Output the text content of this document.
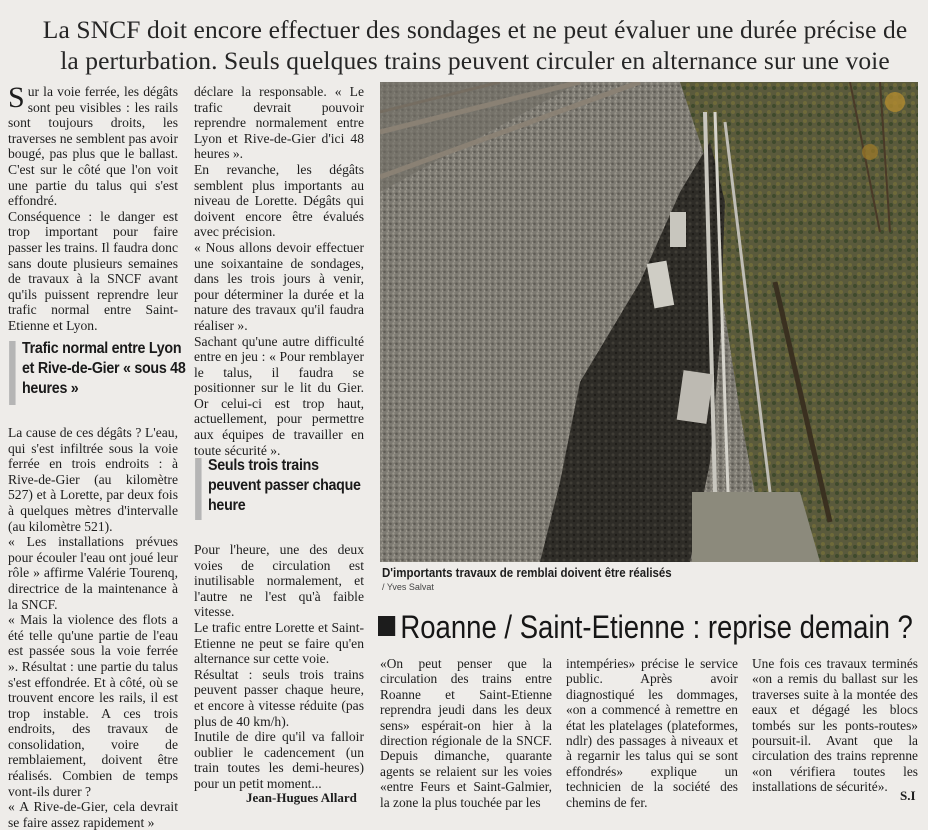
La SNCF doit encore effectuer des sondages et ne peut évaluer une durée précise de la perturbation. Seuls quelques trains peuvent circuler en alternance sur une voie
S ur la voie ferrée, les dégâts sont peu visibles : les rails sont toujours droits, les traverses ne semblent pas avoir bougé, pas plus que le ballast. C'est sur le côté que l'on voit une partie du talus qui s'est effondré.

Conséquence : le danger est trop important pour faire passer les trains. Il faudra donc sans doute plusieurs semaines de travaux à la SNCF avant qu'ils puissent reprendre leur trafic normal entre Saint-Etienne et Lyon.

Trafic normal entre Lyon et Rive-de-Gier « sous 48 heures »

La cause de ces dégâts ? L'eau, qui s'est infiltrée sous la voie ferrée en trois endroits : à Rive-de-Gier (au kilomètre 527) et à Lorette, par deux fois à quelques mètres d'intervalle (au kilomètre 521).

« Les installations prévues pour écouler l'eau ont joué leur rôle » affirme Valérie Tourenq, directrice de la maintenance à la SNCF.

« Mais la violence des flots a été telle qu'une partie de l'eau est passée sous la voie ferrée ». Résultat : une partie du talus s'est effondrée. Et à côté, où se trouvent encore les rails, il est trop instable. A ces trois endroits, des travaux de consolidation, voire de remblaiement, doivent être réalisés. Combien de temps vont-ils durer ?

« A Rive-de-Gier, cela devrait se faire assez rapidement »

déclare la responsable. « Le trafic devrait pouvoir reprendre normalement entre Lyon et Rive-de-Gier d'ici 48 heures ».

En revanche, les dégâts semblent plus importants au niveau de Lorette. Dégâts qui doivent encore être évalués avec précision.

« Nous allons devoir effectuer une soixantaine de sondages, dans les trois jours à venir, pour déterminer la durée et la nature des travaux qu'il faudra réaliser ».

Sachant qu'une autre difficulté entre en jeu : « Pour remblayer le talus, il faudra se positionner sur le lit du Gier. Or celui-ci est trop haut, actuellement, pour permettre aux équipes de travailler en toute sécurité ».

Seuls trois trains peuvent passer chaque heure

Pour l'heure, une des deux voies de circulation est inutilisable normalement, et l'autre ne l'est qu'à faible vitesse.

Le trafic entre Lorette et Saint-Etienne ne peut se faire qu'en alternance sur cette voie.

Résultat : seuls trois trains peuvent passer chaque heure, et encore à vitesse réduite (pas plus de 40 km/h).

Inutile de dire qu'il va falloir oublier le cadencement (un train toutes les demi-heures) pour un petit moment...

Jean-Hugues Allard
D'importants travaux de remblai doivent être réalisés
/ Yves Salvat
Roanne / Saint-Etienne : reprise demain ?
«On peut penser que la circulation des trains entre Roanne et Saint-Etienne reprendra jeudi dans les deux sens» espérait-on hier à la direction régionale de la SNCF. Depuis dimanche, quarante agents se relaient sur les voies «entre Feurs et Saint-Galmier, la zone la plus touchée par les
intempéries» précise le service public. Après avoir diagnostiqué les dommages, «on a commencé à remettre en état les platelages (plateformes, ndlr) des passages à niveaux et à regarnir les talus qui se sont effondrés» explique un technicien de la société des chemins de fer.
Une fois ces travaux terminés «on a remis du ballast sur les traverses suite à la montée des eaux et dégagé les blocs tombés sur les ponts-routes» poursuit-il. Avant que la circulation des trains reprenne «on vérifiera toutes les installations de sécurité».
S.I
